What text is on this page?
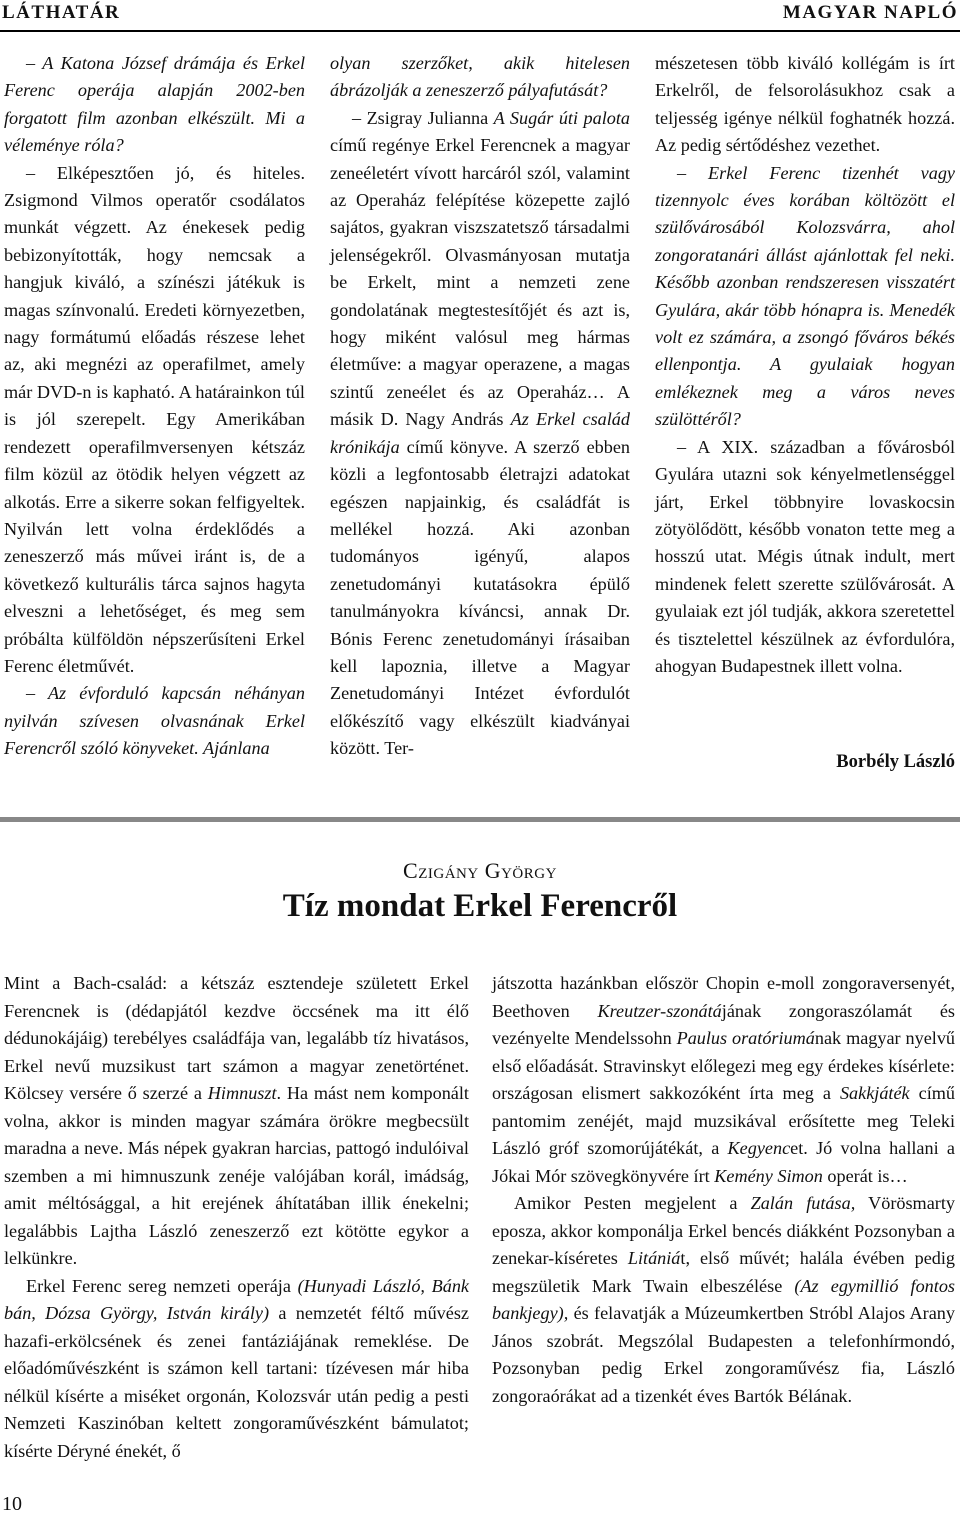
LÁTHATÁR	MAGYAR NAPLÓ

– A Katona József drámája és Erkel Ferenc operája alapján 2002-ben forgatott film azonban elkészült. Mi a véleménye róla?

– Elképesztően jó, és hiteles. Zsigmond Vilmos operatőr csodálatos munkát végzett. Az énekesek pedig bebizonyították, hogy nemcsak a hangjuk kiváló, a színészi játékuk is magas színvonalú. Eredeti környezetben, nagy formátumú előadás részese lehet az, aki megnézi az operafilmet, amely már DVD-n is kapható. A határainkon túl is jól szerepelt. Egy Amerikában rendezett operafilmversenyen kétszáz film közül az ötödik helyen végzett az alkotás. Erre a sikerre sokan felfigyeltek. Nyilván lett volna érdeklődés a zeneszerző más művei iránt is, de a következő kulturális tárca sajnos hagyta elveszni a lehetőséget, és meg sem próbálta külföldön népszerűsíteni Erkel Ferenc életművét.

– Az évforduló kapcsán néhányan nyilván szívesen olvasnának Erkel Ferencről szóló könyveket. Ajánlana

olyan szerzőket, akik hitelesen ábrázolják a zeneszerző pályafutását?

– Zsigray Julianna A Sugár úti palota című regénye Erkel Ferencnek a magyar zeneéletért vívott harcáról szól, valamint az Operaház felépítése közepette zajló sajátos, gyakran viszszatetsző társadalmi jelenségekről. Olvasmányosan mutatja be Erkelt, mint a nemzeti zene gondolatának megtestesítőjét és azt is, hogy miként valósul meg hármas életműve: a magyar operazene, a magas szintű zeneélet és az Operaház… A másik D. Nagy András Az Erkel család krónikája című könyve. A szerző ebben közli a legfontosabb életrajzi adatokat egészen napjainkig, és családfát is mellékel hozzá. Aki azonban tudományos igényű, alapos zenetudományi kutatásokra épülő tanulmányokra kíváncsi, annak Dr. Bónis Ferenc zenetudományi írásaiban kell lapoznia, illetve a Magyar Zenetudományi Intézet évfordulót előkészítő vagy elkészült kiadványai között. Ter-

mészetesen több kiváló kollégám is írt Erkelről, de felsorolásukhoz csak a teljesség igénye nélkül foghatnék hozzá. Az pedig sértődéshez vezethet.

– Erkel Ferenc tizenhét vagy tizennyolc éves korában költözött el szülővárosából Kolozsvárra, ahol zongoratanári állást ajánlottak fel neki. Később azonban rendszeresen visszatért Gyulára, akár több hónapra is. Menedék volt ez számára, a zsongó főváros békés ellenpontja. A gyulaiak hogyan emlékeznek meg a város neves szülöttéről?

– A XIX. században a fővárosból Gyulára utazni sok kényelmetlenséggel járt, Erkel többnyire lovaskocsin zötyölődött, később vonaton tette meg a hosszú utat. Mégis útnak indult, mert mindenek felett szerette szülővárosát. A gyulaiak ezt jól tudják, akkora szeretettel és tisztelettel készülnek az évfordulóra, ahogyan Budapestnek illett volna.

Borbély László
Czigány György
Tíz mondat Erkel Ferencről

Mint a Bach-család: a kétszáz esztendeje született Erkel Ferencnek is (dédapjától kezdve öccsének ma itt élő dédunokájáig) terebélyes családfája van, legalább tíz hivatásos, Erkel nevű muzsikust tart számon a magyar zenetörténet. Kölcsey versére ő szerzé a Himnuszt. Ha mást nem komponált volna, akkor is minden magyar számára örökre megbecsült maradna a neve. Más népek gyakran harcias, pattogó indulóival szemben a mi himnuszunk zenéje valójában korál, imádság, amit méltósággal, a hit erejének áhítatában illik énekelni; legalábbis Lajtha László zeneszerző ezt kötötte egykor a lelkünkre.

Erkel Ferenc sereg nemzeti operája (Hunyadi László, Bánk bán, Dózsa György, István király) a nemzetét féltő művész hazafi-erkölcsének és zenei fantáziájának remeklése. De előadóművészként is számon kell tartani: tízévesen már hiba nélkül kísérte a miséket orgonán, Kolozsvár után pedig a pesti Nemzeti Kaszinóban keltett zongoraművészként bámulatot; kísérte Déryné énekét, ő

játszotta hazánkban először Chopin e-moll zongoraversenyét, Beethoven Kreutzer-szonátájának zongoraszólamát és vezényelte Mendelssohn Paulus oratóriumának magyar nyelvű első előadását. Stravinskyt előlegezi meg egy érdekes kísérlete: országosan elismert sakkozóként írta meg a Sakkjáték című pantomim zenéjét, majd muzsikával erősítette meg Teleki László gróf szomorújátékát, a Kegyencet. Jó volna hallani a Jókai Mór szövegkönyvére írt Kemény Simon operát is…

Amikor Pesten megjelent a Zalán futása, Vörösmarty eposza, akkor komponálja Erkel bencés diákként Pozsonyban a zenekar-kíséretes Litániát, első művét; halála évében pedig megszületik Mark Twain elbeszélése (Az egymillió fontos bankjegy), és felavatják a Múzeumkertben Stróbl Alajos Arany János szobrát. Megszólal Budapesten a telefonhírmondó, Pozsonyban pedig Erkel zongoraművész fia, László zongoraórákat ad a tizenkét éves Bartók Bélának.

10
